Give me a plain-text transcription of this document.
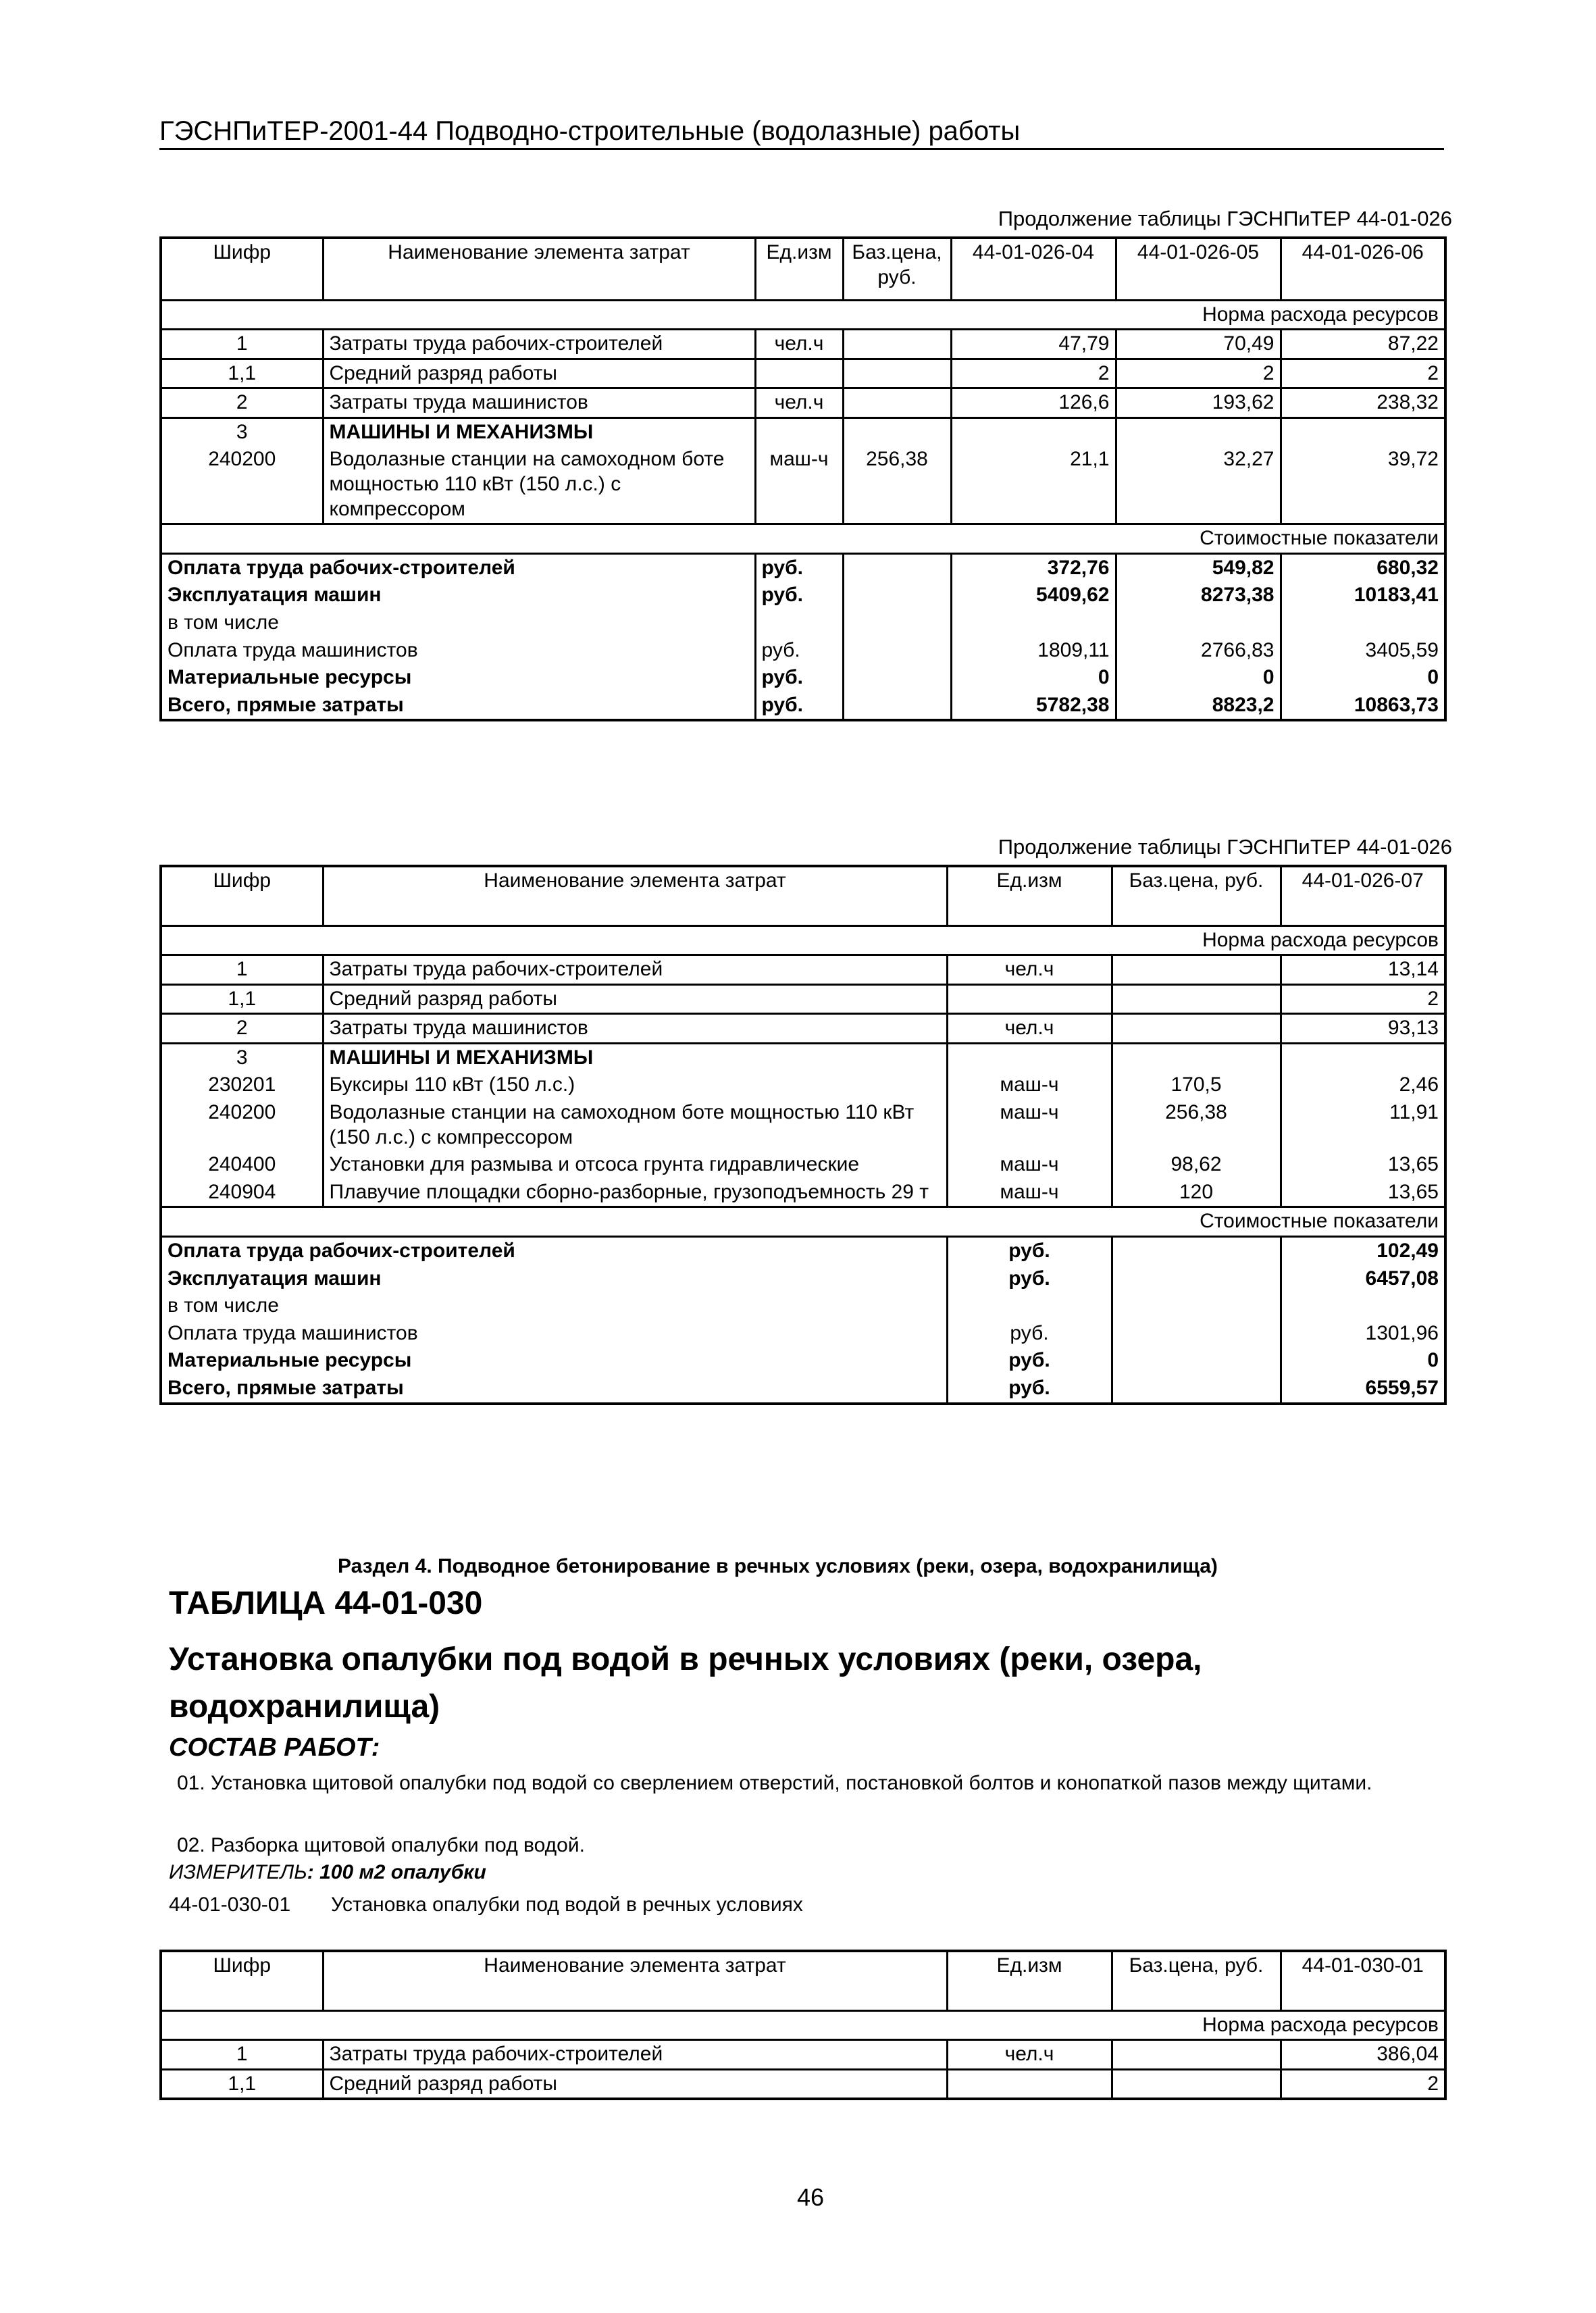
ГЭСНПиТЕР-2001-44 Подводно-строительные (водолазные) работы
Продолжение таблицы ГЭСНПиТЕР 44-01-026
Шифр	Наименование элемента затрат	Ед.изм	Баз.цена, руб.	44-01-026-04	44-01-026-05	44-01-026-06
Норма расхода ресурсов						
1	Затраты труда рабочих-строителей	чел.ч		47,79	70,49	87,22
1,1	Средний разряд работы			2	2	2
2	Затраты труда машинистов	чел.ч		126,6	193,62	238,32
3	МАШИНЫ И МЕХАНИЗМЫ					
240200	Водолазные станции на самоходном боте мощностью 110 кВт (150 л.с.) с компрессором	маш-ч	256,38	21,1	32,27	39,72
Стоимостные показатели						
Оплата труда рабочих-строителей		руб.		372,76	549,82	680,32
Эксплуатация машин		руб.		5409,62	8273,38	10183,41
в том числе						
Оплата труда машинистов		руб.		1809,11	2766,83	3405,59
Материальные ресурсы		руб.		0	0	0
Всего, прямые затраты		руб.		5782,38	8823,2	10863,73
Продолжение таблицы ГЭСНПиТЕР 44-01-026
Шифр	Наименование элемента затрат	Ед.изм	Баз.цена, руб.	44-01-026-07
Норма расхода ресурсов				
1	Затраты труда рабочих-строителей	чел.ч		13,14
1,1	Средний разряд работы			2
2	Затраты труда машинистов	чел.ч		93,13
3	МАШИНЫ И МЕХАНИЗМЫ			
230201	Буксиры 110 кВт (150 л.с.)	маш-ч	170,5	2,46
240200	Водолазные станции на самоходном боте мощностью 110 кВт (150 л.с.) с компрессором	маш-ч	256,38	11,91
240400	Установки для размыва и отсоса грунта гидравлические	маш-ч	98,62	13,65
240904	Плавучие площадки сборно-разборные, грузоподъемность 29 т	маш-ч	120	13,65
Стоимостные показатели				
Оплата труда рабочих-строителей		руб.		102,49
Эксплуатация машин		руб.		6457,08
в том числе				
Оплата труда машинистов		руб.		1301,96
Материальные ресурсы		руб.		0
Всего, прямые затраты		руб.		6559,57
Раздел 4. Подводное бетонирование в речных условиях (реки, озера, водохранилища)
ТАБЛИЦА 44-01-030
Установка опалубки под водой в речных условиях (реки, озера, водохранилища)
СОСТАВ РАБОТ:
01. Установка щитовой опалубки под водой со сверлением отверстий, постановкой болтов и конопаткой пазов между щитами.
02. Разборка щитовой опалубки под водой.
ИЗМЕРИТЕЛЬ: 100 м2 опалубки
44-01-030-01 Установка опалубки под водой в речных условиях
Шифр	Наименование элемента затрат	Ед.изм	Баз.цена, руб.	44-01-030-01
Норма расхода ресурсов				
1	Затраты труда рабочих-строителей	чел.ч		386,04
1,1	Средний разряд работы			2
46
